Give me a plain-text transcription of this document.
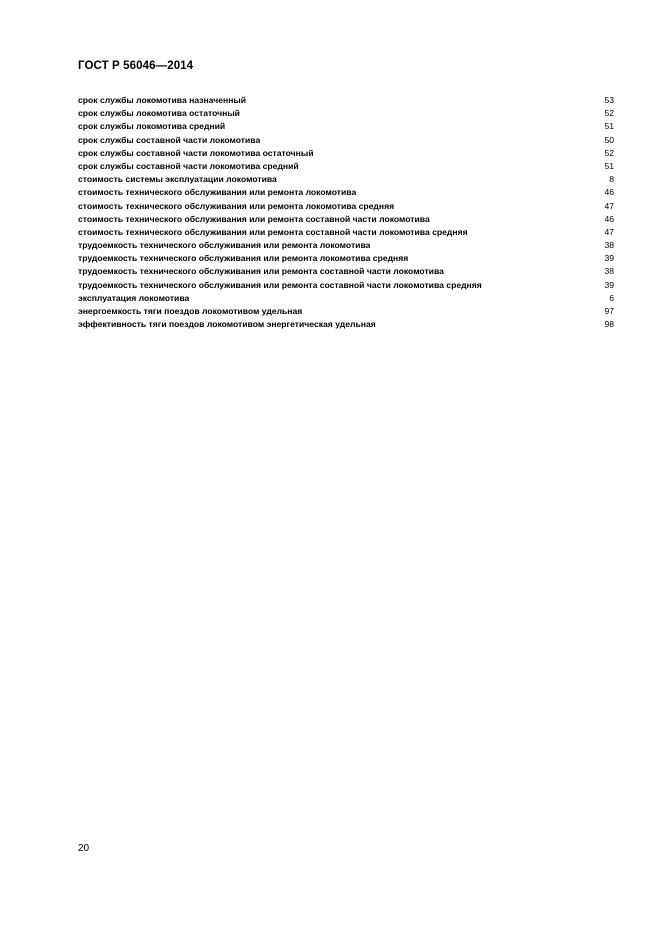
ГОСТ Р 56046—2014
срок службы локомотива назначенный	53
срок службы локомотива остаточный	52
срок службы локомотива средний	51
срок службы составной части локомотива	50
срок службы составной части локомотива остаточный	52
срок службы составной части локомотива средний	51
стоимость системы эксплуатации локомотива	8
стоимость технического обслуживания или ремонта локомотива	46
стоимость технического обслуживания или ремонта локомотива средняя	47
стоимость технического обслуживания или ремонта составной части локомотива	46
стоимость технического обслуживания или ремонта составной части локомотива средняя	47
трудоемкость технического обслуживания или ремонта локомотива	38
трудоемкость технического обслуживания или ремонта локомотива средняя	39
трудоемкость технического обслуживания или ремонта составной части локомотива	38
трудоемкость технического обслуживания или ремонта составной части локомотива средняя	39
эксплуатация локомотива	6
энергоемкость тяги поездов локомотивом удельная	97
эффективность тяги поездов локомотивом энергетическая удельная	98
20
